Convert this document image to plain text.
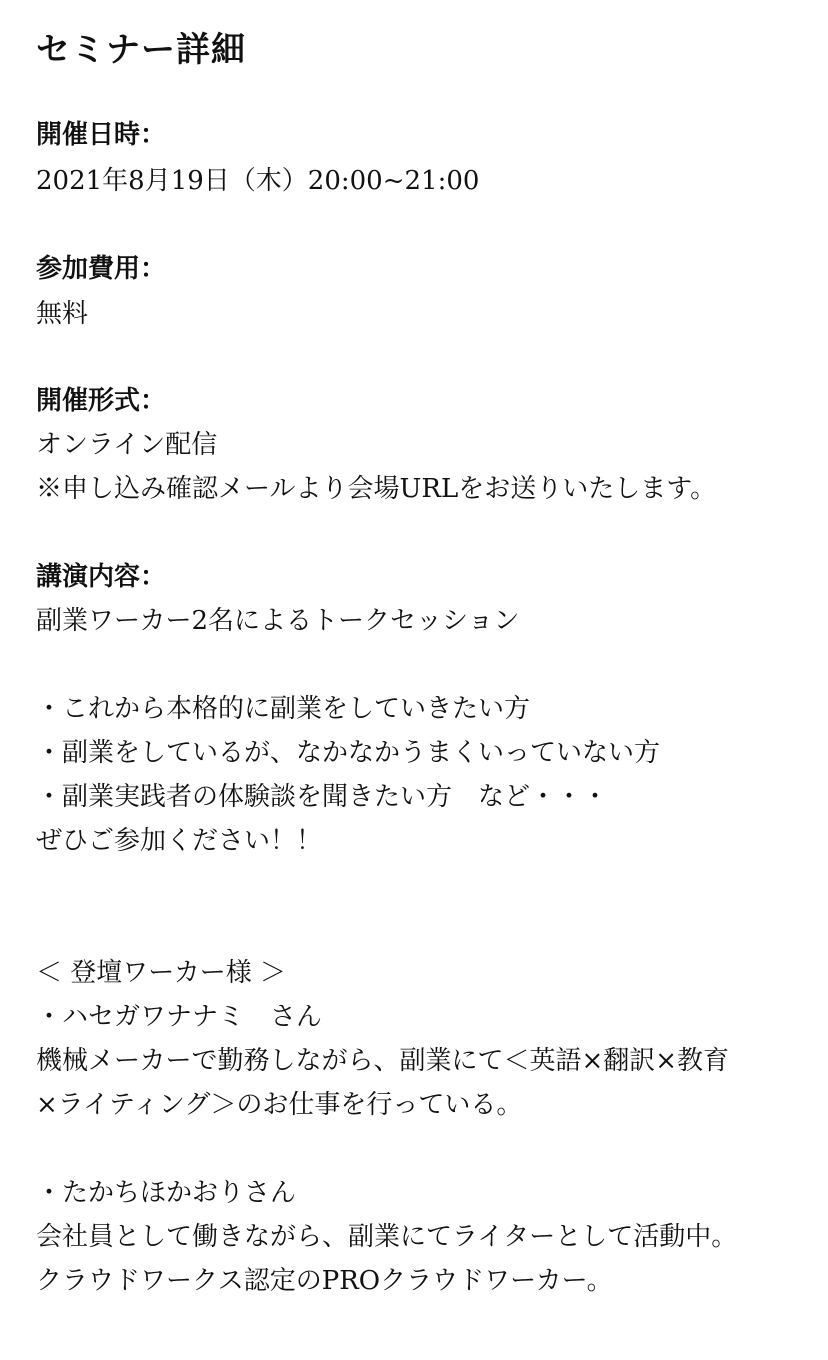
セミナー詳細
開催日時：
2021年8月19日（木）20:00~21:00
参加費用：
無料
開催形式：
オンライン配信
※申し込み確認メールより会場URLをお送りいたします。
講演内容：
副業ワーカー2名によるトークセッション
・これから本格的に副業をしていきたい方
・副業をしているが、なかなかうまくいっていない方
・副業実践者の体験談を聞きたい方　など・・・
ぜひご参加ください！！
＜ 登壇ワーカー様 ＞
・ハセガワナナミ　さん
機械メーカーで勤務しながら、副業にて＜英語×翻訳×教育
×ライティング＞のお仕事を行っている。
・たかちほかおりさん
会社員として働きながら、副業にてライターとして活動中。
クラウドワークス認定のPROクラウドワーカー。
